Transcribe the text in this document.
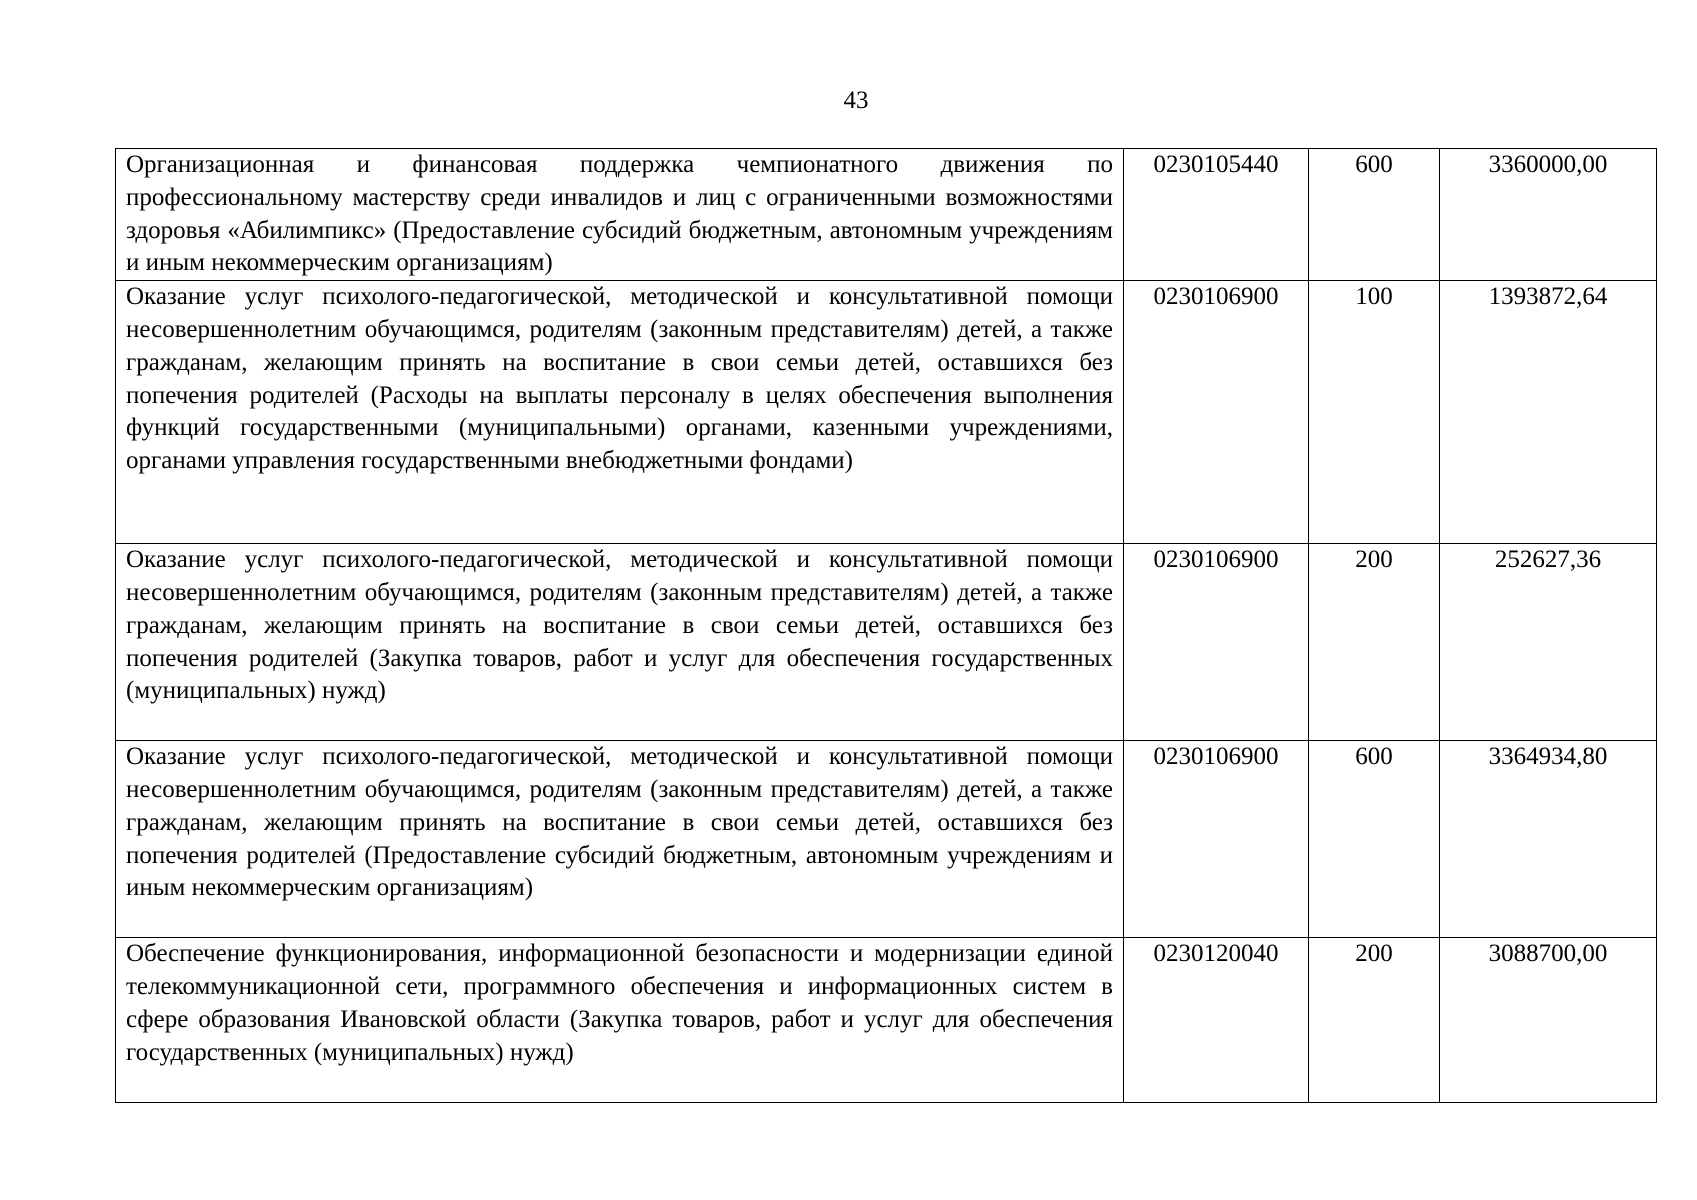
43
Организационная и финансовая поддержка чемпионатного движения по профессиональному мастерству среди инвалидов и лиц с ограниченными возможностями здоровья «Абилимпикс» (Предоставление субсидий бюджетным, автономным учреждениям и иным некоммерческим организациям)	0230105440	600	3360000,00
Оказание услуг психолого-педагогической, методической и консультативной помощи несовершеннолетним обучающимся, родителям (законным представителям) детей, а также гражданам, желающим принять на воспитание в свои семьи детей, оставшихся без попечения родителей (Расходы на выплаты персоналу в целях обеспечения выполнения функций государственными (муниципальными) органами, казенными учреждениями, органами управления государственными внебюджетными фондами)	0230106900	100	1393872,64
Оказание услуг психолого-педагогической, методической и консультативной помощи несовершеннолетним обучающимся, родителям (законным представителям) детей, а также гражданам, желающим принять на воспитание в свои семьи детей, оставшихся без попечения родителей (Закупка товаров, работ и услуг для обеспечения государственных (муниципальных) нужд)	0230106900	200	252627,36
Оказание услуг психолого-педагогической, методической и консультативной помощи несовершеннолетним обучающимся, родителям (законным представителям) детей, а также гражданам, желающим принять на воспитание в свои семьи детей, оставшихся без попечения родителей (Предоставление субсидий бюджетным, автономным учреждениям и иным некоммерческим организациям)	0230106900	600	3364934,80
Обеспечение функционирования, информационной безопасности и модернизации единой телекоммуникационной сети, программного обеспечения и информационных систем в сфере образования Ивановской области (Закупка товаров, работ и услуг для обеспечения государственных (муниципальных) нужд)	0230120040	200	3088700,00
